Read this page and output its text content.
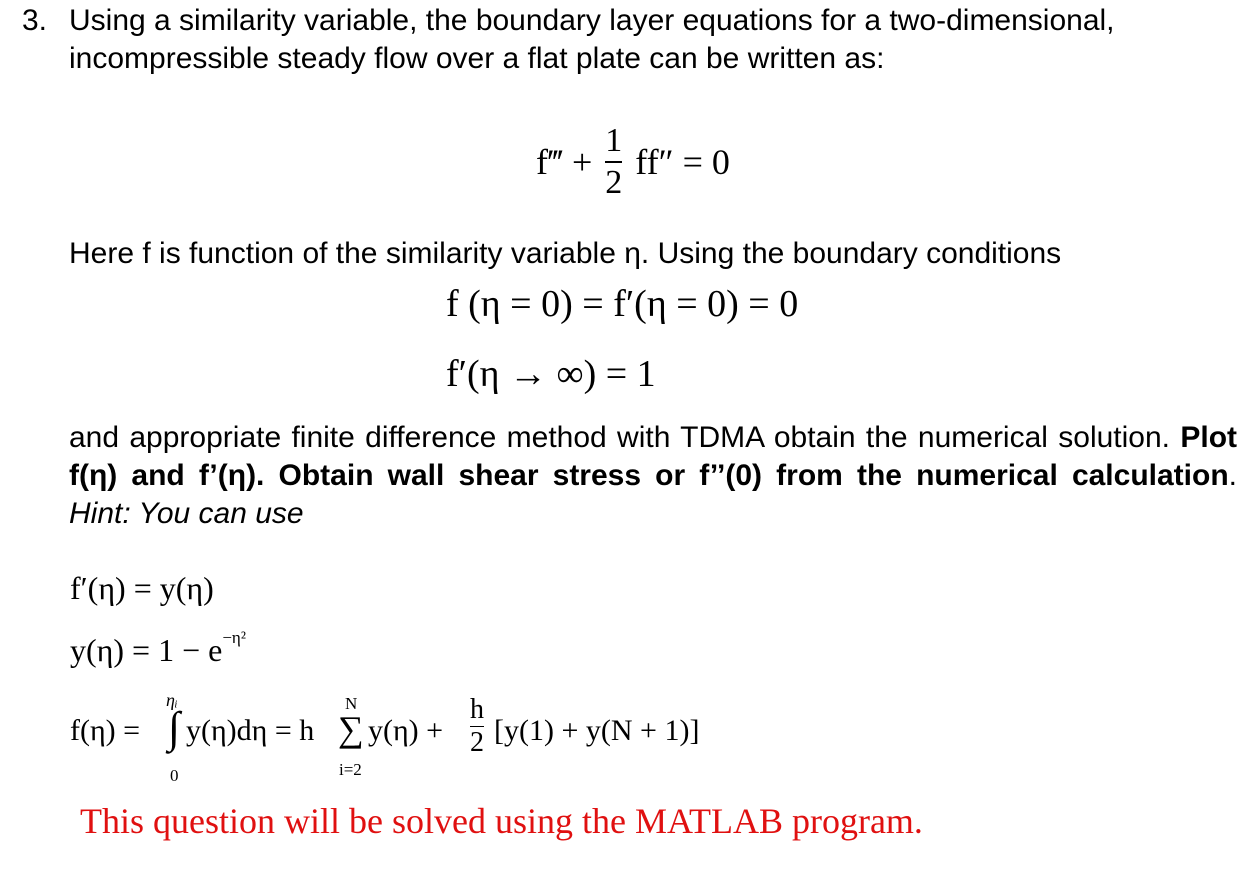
3. Using a similarity variable, the boundary layer equations for a two-dimensional,
incompressible steady flow over a flat plate can be written as:
f‴ + $\frac{1}{2} ff'' = 0$
Here f is function of the similarity variable η. Using the boundary conditions
f (η = 0) = f′(η = 0) = 0
f′(η → ∞) = 1
and appropriate finite difference method with TDMA obtain the numerical solution. Plot f(η) and f’(η). Obtain wall shear stress or f’’(0) from the numerical calculation. Hint: You can use
f′(η) = y(η)
$y(\eta) = 1 - e^{-\eta^2}$
f(η) =
ηᵢ
∫
0
y(η)dη = h
N
∑
i=2
$y(\eta) + \frac{h}{2} [y(1) + y(N + 1)]$
This question will be solved using the MATLAB program.
